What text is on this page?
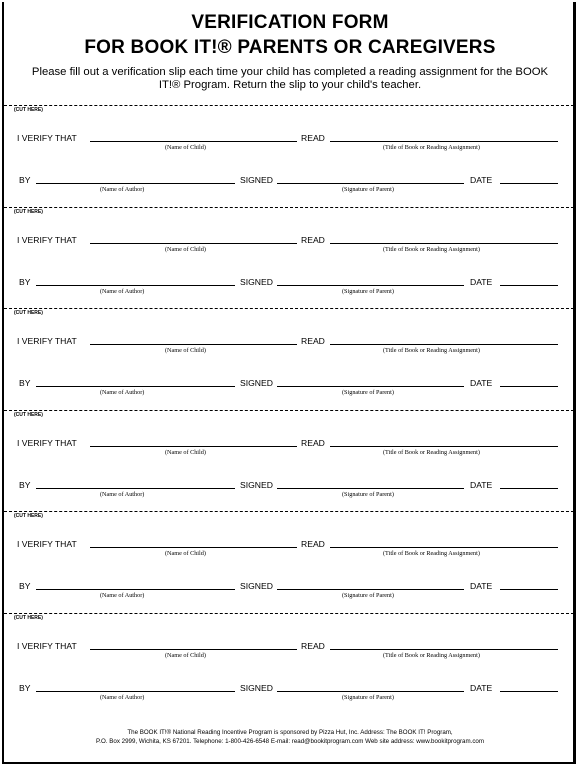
VERIFICATION FORM
FOR BOOK IT!® PARENTS OR CAREGIVERS
Please fill out a verification slip each time your child has completed a reading assignment for the BOOK IT!® Program. Return the slip to your child's teacher.
(CUT HERE)
I VERIFY THAT
(Name of Child)
READ
(Title of Book or Reading Assignment)
BY
(Name of Author)
SIGNED
(Signature of Parent)
DATE
(CUT HERE)
I VERIFY THAT
(Name of Child)
READ
(Title of Book or Reading Assignment)
BY
(Name of Author)
SIGNED
(Signature of Parent)
DATE
(CUT HERE)
I VERIFY THAT
(Name of Child)
READ
(Title of Book or Reading Assignment)
BY
(Name of Author)
SIGNED
(Signature of Parent)
DATE
(CUT HERE)
I VERIFY THAT
(Name of Child)
READ
(Title of Book or Reading Assignment)
BY
(Name of Author)
SIGNED
(Signature of Parent)
DATE
(CUT HERE)
I VERIFY THAT
(Name of Child)
READ
(Title of Book or Reading Assignment)
BY
(Name of Author)
SIGNED
(Signature of Parent)
DATE
(CUT HERE)
I VERIFY THAT
(Name of Child)
READ
(Title of Book or Reading Assignment)
BY
(Name of Author)
SIGNED
(Signature of Parent)
DATE
The BOOK IT!® National Reading Incentive Program is sponsored by Pizza Hut, Inc. Address: The BOOK IT! Program,
P.O. Box 2999, Wichita, KS 67201. Telephone: 1-800-426-6548 E-mail: read@bookitprogram.com Web site address: www.bookitprogram.com
